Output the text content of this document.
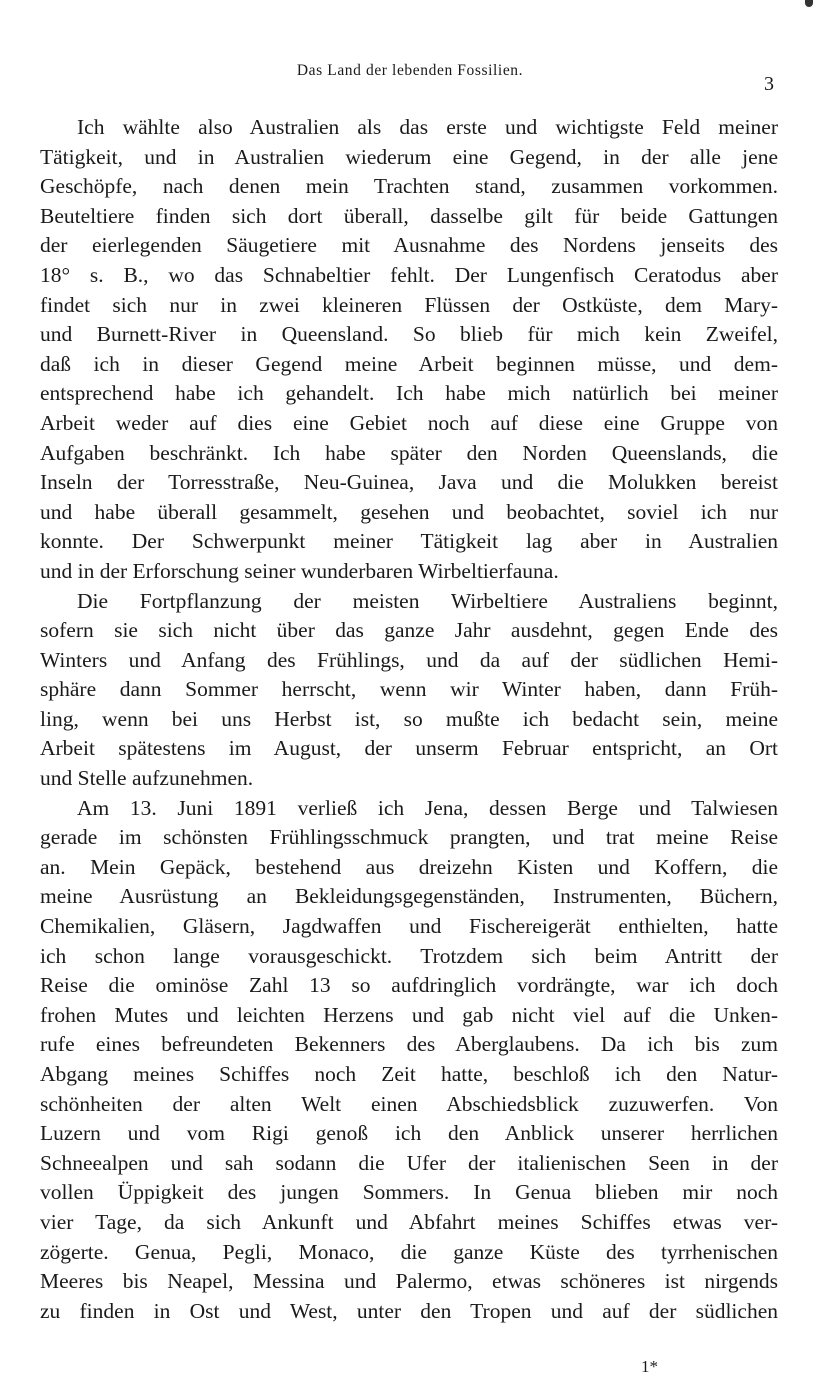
Das Land der lebenden Fossilien.
3
Ich wählte also Australien als das erste und wichtigste Feld meiner
Tätigkeit, und in Australien wiederum eine Gegend, in der alle jene
Geschöpfe, nach denen mein Trachten stand, zusammen vorkommen.
Beuteltiere finden sich dort überall, dasselbe gilt für beide Gattungen
der eierlegenden Säugetiere mit Ausnahme des Nordens jenseits des
18° s. B., wo das Schnabeltier fehlt. Der Lungenfisch Ceratodus aber
findet sich nur in zwei kleineren Flüssen der Ostküste, dem Mary-
und Burnett-River in Queensland. So blieb für mich kein Zweifel,
daß ich in dieser Gegend meine Arbeit beginnen müsse, und dem-
entsprechend habe ich gehandelt. Ich habe mich natürlich bei meiner
Arbeit weder auf dies eine Gebiet noch auf diese eine Gruppe von
Aufgaben beschränkt. Ich habe später den Norden Queenslands, die
Inseln der Torresstraße, Neu-Guinea, Java und die Molukken bereist
und habe überall gesammelt, gesehen und beobachtet, soviel ich nur
konnte. Der Schwerpunkt meiner Tätigkeit lag aber in Australien
und in der Erforschung seiner wunderbaren Wirbeltierfauna.
Die Fortpflanzung der meisten Wirbeltiere Australiens beginnt,
sofern sie sich nicht über das ganze Jahr ausdehnt, gegen Ende des
Winters und Anfang des Frühlings, und da auf der südlichen Hemi-
sphäre dann Sommer herrscht, wenn wir Winter haben, dann Früh-
ling, wenn bei uns Herbst ist, so mußte ich bedacht sein, meine
Arbeit spätestens im August, der unserm Februar entspricht, an Ort
und Stelle aufzunehmen.
Am 13. Juni 1891 verließ ich Jena, dessen Berge und Talwiesen
gerade im schönsten Frühlingsschmuck prangten, und trat meine Reise
an. Mein Gepäck, bestehend aus dreizehn Kisten und Koffern, die
meine Ausrüstung an Bekleidungsgegenständen, Instrumenten, Büchern,
Chemikalien, Gläsern, Jagdwaffen und Fischereigerät enthielten, hatte
ich schon lange vorausgeschickt. Trotzdem sich beim Antritt der
Reise die ominöse Zahl 13 so aufdringlich vordrängte, war ich doch
frohen Mutes und leichten Herzens und gab nicht viel auf die Unken-
rufe eines befreundeten Bekenners des Aberglaubens. Da ich bis zum
Abgang meines Schiffes noch Zeit hatte, beschloß ich den Natur-
schönheiten der alten Welt einen Abschiedsblick zuzuwerfen. Von
Luzern und vom Rigi genoß ich den Anblick unserer herrlichen
Schneealpen und sah sodann die Ufer der italienischen Seen in der
vollen Üppigkeit des jungen Sommers. In Genua blieben mir noch
vier Tage, da sich Ankunft und Abfahrt meines Schiffes etwas ver-
zögerte. Genua, Pegli, Monaco, die ganze Küste des tyrrhenischen
Meeres bis Neapel, Messina und Palermo, etwas schöneres ist nirgends
zu finden in Ost und West, unter den Tropen und auf der südlichen
1*
